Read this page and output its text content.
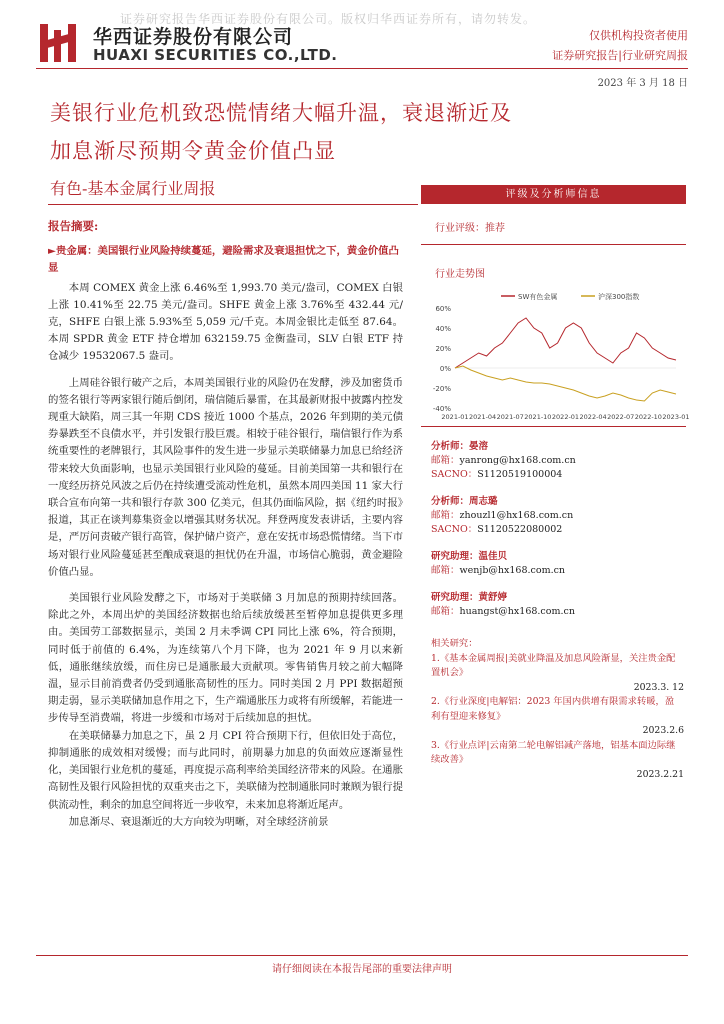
证券研究报告华西证券股份有限公司。版权归华西证券所有，请勿转发。
华西证券股份有限公司
HUAXI SECURITIES CO.,LTD.
仅供机构投资者使用
证券研究报告|行业研究周报
2023 年 3 月 18 日
美银行业危机致恐慌情绪大幅升温，衰退渐近及
加息渐尽预期令黄金价值凸显
有色-基本金属行业周报
报告摘要:
►贵金属：美国银行业风险持续蔓延，避险需求及衰退担忧之下，黄金价值凸显

本周 COMEX 黄金上涨 6.46%至 1,993.70 美元/盎司，COMEX 白银上涨 10.41%至 22.75 美元/盎司。SHFE 黄金上涨 3.76%至 432.44 元/克，SHFE 白银上涨 5.93%至 5,059 元/千克。本周金银比走低至 87.64。本周 SPDR 黄金 ETF 持仓增加 632159.75 金衡盎司，SLV 白银 ETF 持仓减少 19532067.5 盎司。

上周硅谷银行破产之后，本周美国银行业的风险仍在发酵，涉及加密货币的签名银行等两家银行随后倒闭，瑞信随后暴雷，在其最新财报中披露内控发现重大缺陷，周三其一年期 CDS 接近 1000 个基点，2026 年到期的美元债券暴跌至不良债水平，并引发银行股巨震。相较于硅谷银行，瑞信银行作为系统重要性的老牌银行，其风险事件的发生进一步显示美联储暴力加息已给经济带来较大负面影响，也显示美国银行业风险的蔓延。目前美国第一共和银行在一度经历挤兑风波之后仍在持续遭受流动性危机，虽然本周四美国 11 家大行联合宣布向第一共和银行存款 300 亿美元，但其仍面临风险，据《纽约时报》报道，其正在谈判募集资金以增强其财务状况。拜登两度发表讲话，主要内容是，严厉问责破产银行高管，保护储户资产，意在安抚市场恐慌情绪。当下市场对银行业风险蔓延甚至酿成衰退的担忧仍在升温，市场信心脆弱，黄金避险价值凸显。

美国银行业风险发酵之下，市场对于美联储 3 月加息的预期持续回落。除此之外，本周出炉的美国经济数据也给后续放缓甚至暂停加息提供更多理由。美国劳工部数据显示，美国 2 月未季调 CPI 同比上涨 6%，符合预期，同时低于前值的 6.4%，为连续第八个月下降，也为 2021 年 9 月以来新低，通胀继续放缓，而住房已是通胀最大贡献项。零售销售月较之前大幅降温，显示目前消费者仍受到通胀高韧性的压力。同时美国 2 月 PPI 数据超预期走弱，显示美联储加息作用之下，生产端通胀压力或将有所缓解，若能进一步传导至消费端，将进一步缓和市场对于后续加息的担忧。

在美联储暴力加息之下，虽 2 月 CPI 符合预期下行，但依旧处于高位，抑制通胀的成效相对缓慢；而与此同时，前期暴力加息的负面效应逐渐显性化，美国银行业危机的蔓延，再度提示高利率给美国经济带来的风险。在通胀高韧性及银行风险担忧的双重夹击之下，美联储为控制通胀同时兼顾为银行提供流动性，剩余的加息空间将近一步收窄，未来加息将渐近尾声。

加息渐尽、衰退渐近的大方向较为明晰，对全球经济前景

评级及分析师信息
行业评级：推荐
行业走势图
60%
40%
20%
0%
-20%
-40%
2021-01 2021-04 2021-07 2021-10 2022-01 2022-04 2022-07 2022-10 2023-01
SW有色金属	沪深300指数
分析师：晏溶
邮箱：yanrong@hx168.com.cn
SACNO：S1120519100004
分析师：周志璐
邮箱：zhouzl1@hx168.com.cn
SACNO：S1120522080002
研究助理：温佳贝
邮箱：wenjb@hx168.com.cn
研究助理：黄舒婷
邮箱：huangst@hx168.com.cn
相关研究：
1.《基本金属周报|美就业降温及加息风险渐显，关注贵金配置机会》
2023.3. 12
2.《行业深度|电解铝：2023 年国内供增有限需求转暖，盈利有望迎来修复》
2023.2.6
3.《行业点评|云南第二轮电解铝减产落地，铝基本面边际继续改善》
2023.2.21
请仔细阅读在本报告尾部的重要法律声明
